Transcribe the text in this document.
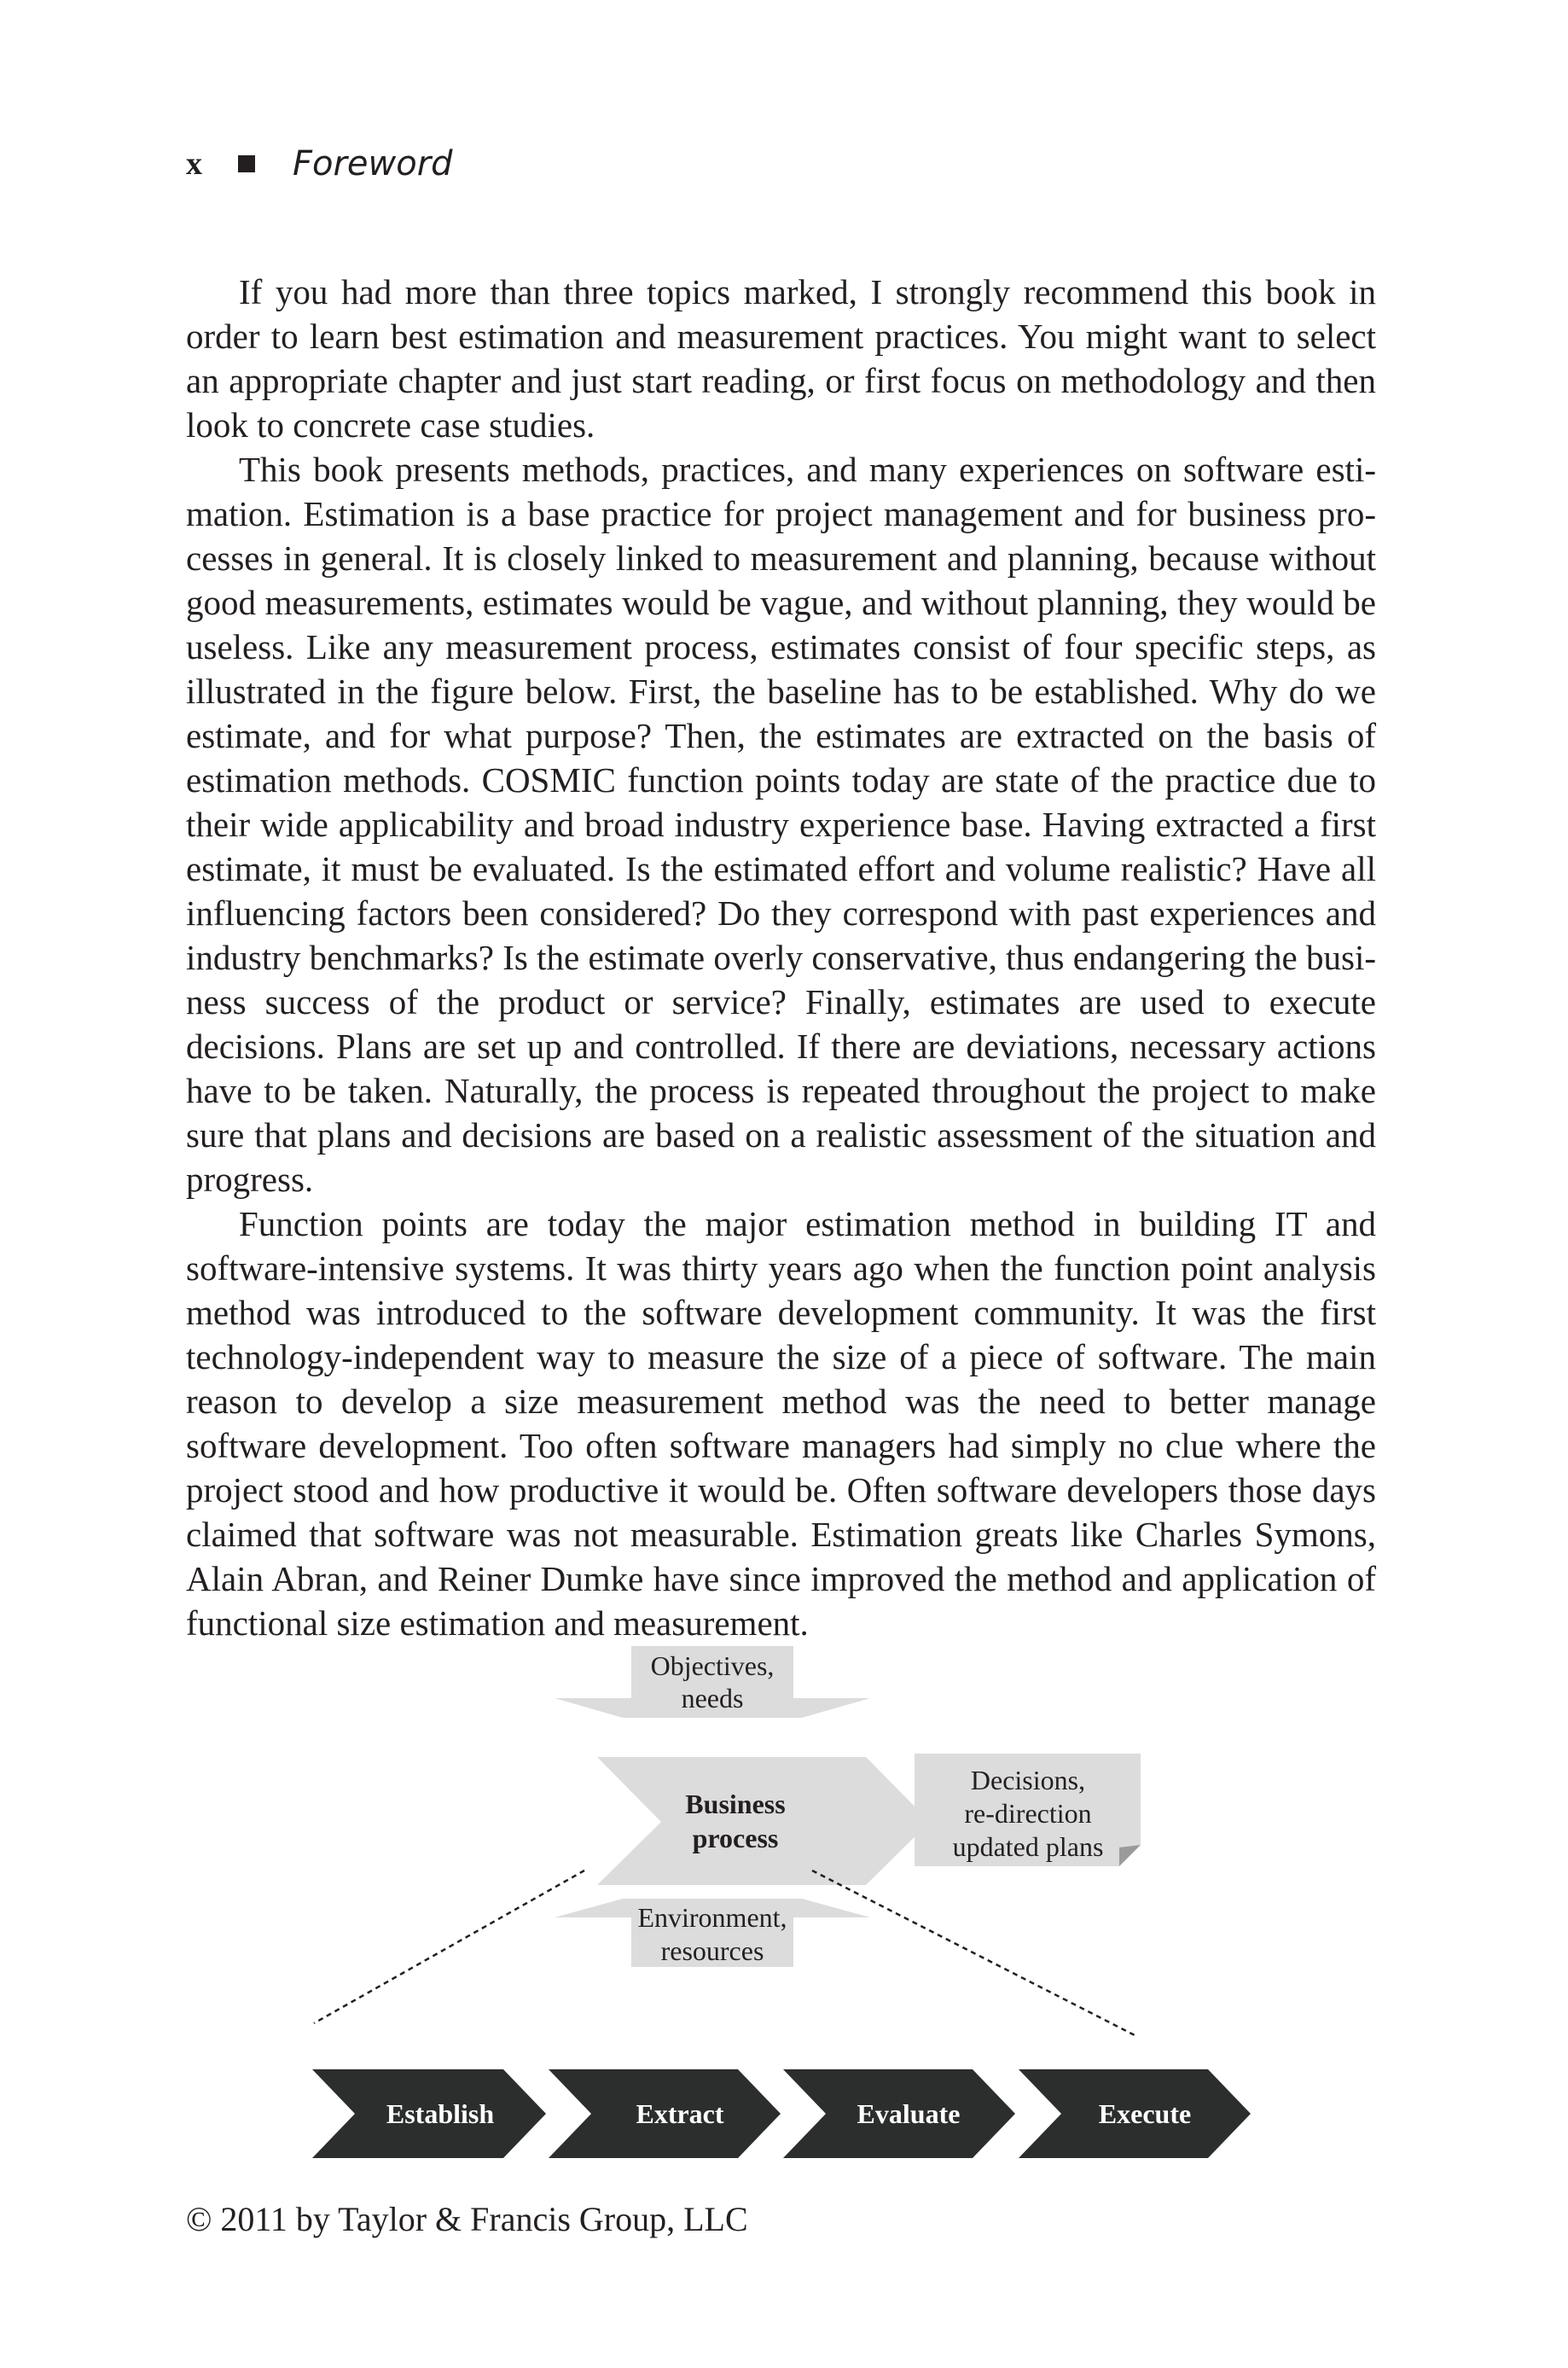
x	Foreword

If you had more than three topics marked, I strongly recommend this book in order to learn best estimation and measurement practices. You might want to select an appropriate chapter and just start reading, or first focus on methodology and then look to concrete case studies.

This book presents methods, practices, and many experiences on software estimation. Estimation is a base practice for project management and for business processes in general. It is closely linked to measurement and planning, because without good measurements, estimates would be vague, and without planning, they would be useless. Like any measurement process, estimates consist of four specific steps, as illustrated in the figure below. First, the baseline has to be established. Why do we estimate, and for what purpose? Then, the estimates are extracted on the basis of estimation methods. COSMIC function points today are state of the practice due to their wide applicability and broad industry experience base. Having extracted a first estimate, it must be evaluated. Is the estimated effort and volume realistic? Have all influencing factors been considered? Do they correspond with past experiences and industry benchmarks? Is the estimate overly conservative, thus endangering the business success of the product or service? Finally, estimates are used to execute decisions. Plans are set up and controlled. If there are deviations, necessary actions have to be taken. Naturally, the process is repeated throughout the project to make sure that plans and decisions are based on a realistic assessment of the situation and progress.

Function points are today the major estimation method in building IT and software-intensive systems. It was thirty years ago when the function point analysis method was introduced to the software development community. It was the first technology-independent way to measure the size of a piece of software. The main reason to develop a size measurement method was the need to better manage software development. Too often software managers had simply no clue where the project stood and how productive it would be. Often software developers those days claimed that software was not measurable. Estimation greats like Charles Symons, Alain Abran, and Reiner Dumke have since improved the method and application of functional size estimation and measurement.

Objectives,
needs
Business
process
Decisions,
re-direction
updated plans
Environment,
resources
Establish	Extract	Evaluate	Execute
© 2011 by Taylor & Francis Group, LLC
